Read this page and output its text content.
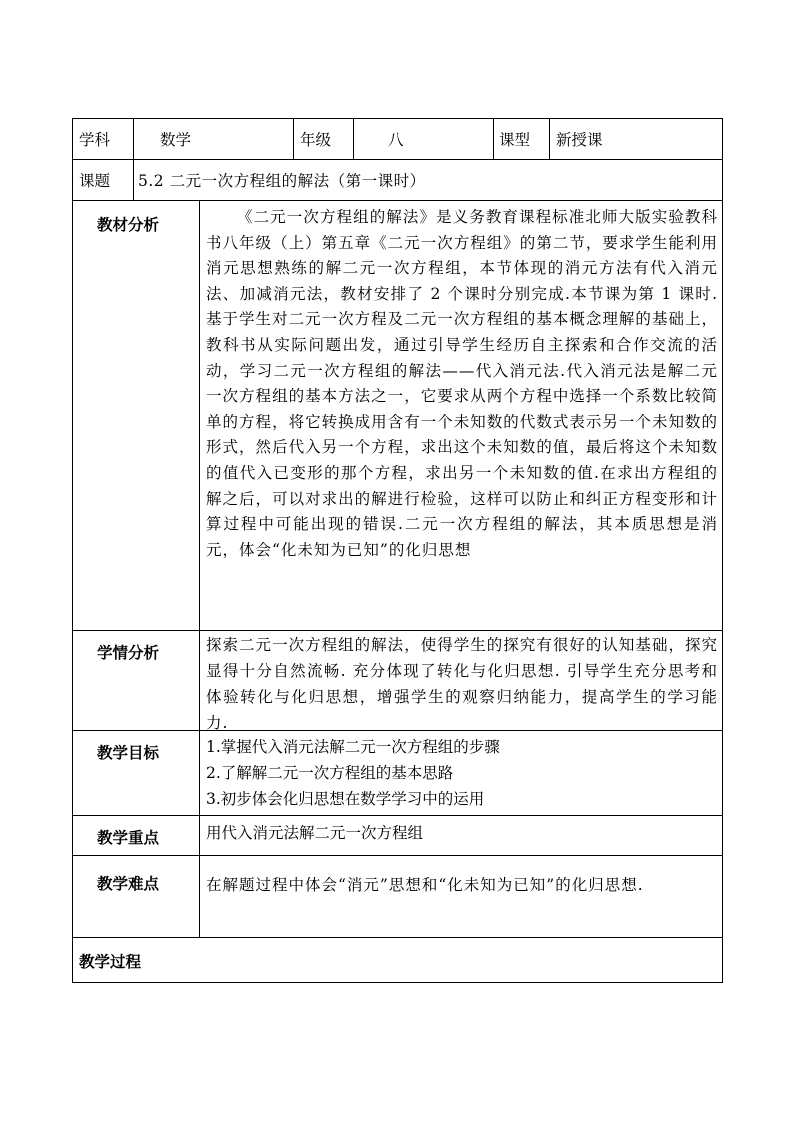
学科	数学	年级	八	课型 新授课
课题 5.2 二元一次方程组的解法（第一课时）
教材分析	《二元一次方程组的解法》是义务教育课程标准北师大版实验教科书八年级（上）第五章《二元一次方程组》的第二节，要求学生能利用消元思想熟练的解二元一次方程组，本节体现的消元方法有代入消元法、加减消元法，教材安排了 2 个课时分别完成.本节课为第 1 课时.基于学生对二元一次方程及二元一次方程组的基本概念理解的基础上，教科书从实际问题出发，通过引导学生经历自主探索和合作交流的活动，学习二元一次方程组的解法——代入消元法.代入消元法是解二元一次方程组的基本方法之一，它要求从两个方程中选择一个系数比较简单的方程，将它转换成用含有一个未知数的代数式表示另一个未知数的形式，然后代入另一个方程，求出这个未知数的值，最后将这个未知数的值代入已变形的那个方程，求出另一个未知数的值.在求出方程组的解之后，可以对求出的解进行检验，这样可以防止和纠正方程变形和计算过程中可能出现的错误.二元一次方程组的解法，其本质思想是消元，体会“化未知为已知”的化归思想
学情分析	探索二元一次方程组的解法，使得学生的探究有很好的认知基础，探究显得十分自然流畅. 充分体现了转化与化归思想. 引导学生充分思考和体验转化与化归思想，增强学生的观察归纳能力，提高学生的学习能力.
教学目标	1.掌握代入消元法解二元一次方程组的步骤
2.了解解二元一次方程组的基本思路
3.初步体会化归思想在数学学习中的运用
教学重点	用代入消元法解二元一次方程组
教学难点	在解题过程中体会“消元”思想和“化未知为已知”的化归思想.
教学过程
